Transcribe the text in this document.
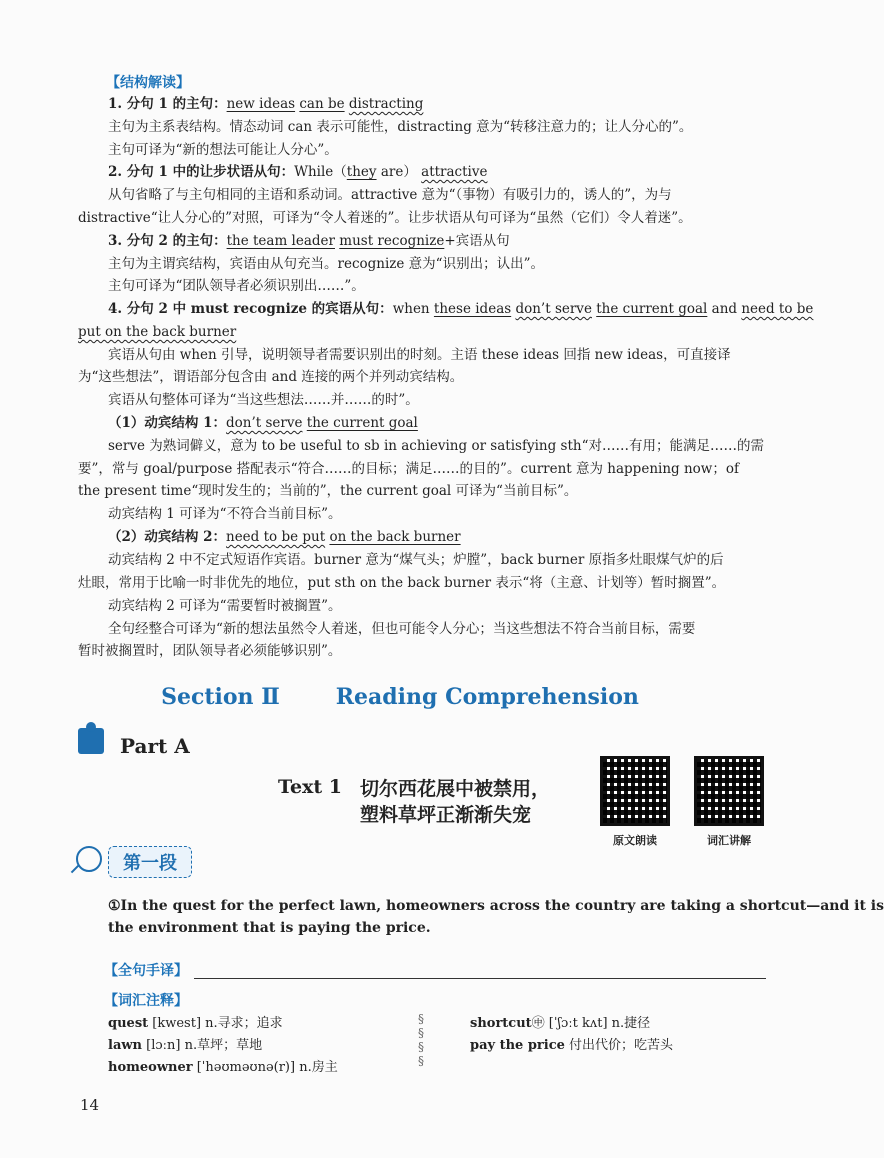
【结构解读】
1. 分句 1 的主句：new ideas can be distracting
主句为主系表结构。情态动词 can 表示可能性，distracting 意为“转移注意力的；让人分心的”。
主句可译为“新的想法可能让人分心”。
2. 分句 1 中的让步状语从句：While（they are） attractive
从句省略了与主句相同的主语和系动词。attractive 意为“（事物）有吸引力的，诱人的”，为与
distractive“让人分心的”对照，可译为“令人着迷的”。让步状语从句可译为“虽然（它们）令人着迷”。
3. 分句 2 的主句：the team leader must recognize+宾语从句
主句为主谓宾结构，宾语由从句充当。recognize 意为“识别出；认出”。
主句可译为“团队领导者必须识别出……”。
4. 分句 2 中 must recognize 的宾语从句：when these ideas don’t serve the current goal and need to be
put on the back burner
宾语从句由 when 引导，说明领导者需要识别出的时刻。主语 these ideas 回指 new ideas，可直接译
为“这些想法”，谓语部分包含由 and 连接的两个并列动宾结构。
宾语从句整体可译为“当这些想法……并……的时”。
（1）动宾结构 1：don’t serve the current goal
serve 为熟词僻义，意为 to be useful to sb in achieving or satisfying sth“对……有用；能满足……的需
要”，常与 goal/purpose 搭配表示“符合……的目标；满足……的目的”。current 意为 happening now；of
the present time“现时发生的；当前的”，the current goal 可译为“当前目标”。
动宾结构 1 可译为“不符合当前目标”。
（2）动宾结构 2：need to be put on the back burner
动宾结构 2 中不定式短语作宾语。burner 意为“煤气头；炉膛”，back burner 原指多灶眼煤气炉的后
灶眼，常用于比喻一时非优先的地位，put sth on the back burner 表示“将（主意、计划等）暂时搁置”。
动宾结构 2 可译为“需要暂时被搁置”。
全句经整合可译为“新的想法虽然令人着迷，但也可能令人分心；当这些想法不符合当前目标，需要
暂时被搁置时，团队领导者必须能够识别”。
Section Ⅱ	Reading Comprehension
Part A
Text 1 切尔西花展中被禁用，
塑料草坪正渐渐失宠
原文朗读	词汇讲解
第一段
①In the quest for the perfect lawn, homeowners across the country are taking a shortcut—and it is
the environment that is paying the price.
【全句手译】
【词汇注释】
quest [kwest] n.寻求；追求
lawn [lɔːn] n.草坪；草地
homeowner [ˈhəʊməʊnə(r)] n.房主
§
§
§
§
shortcut㊥ [ˈʃɔːt kʌt] n.捷径
pay the price 付出代价；吃苦头
14
